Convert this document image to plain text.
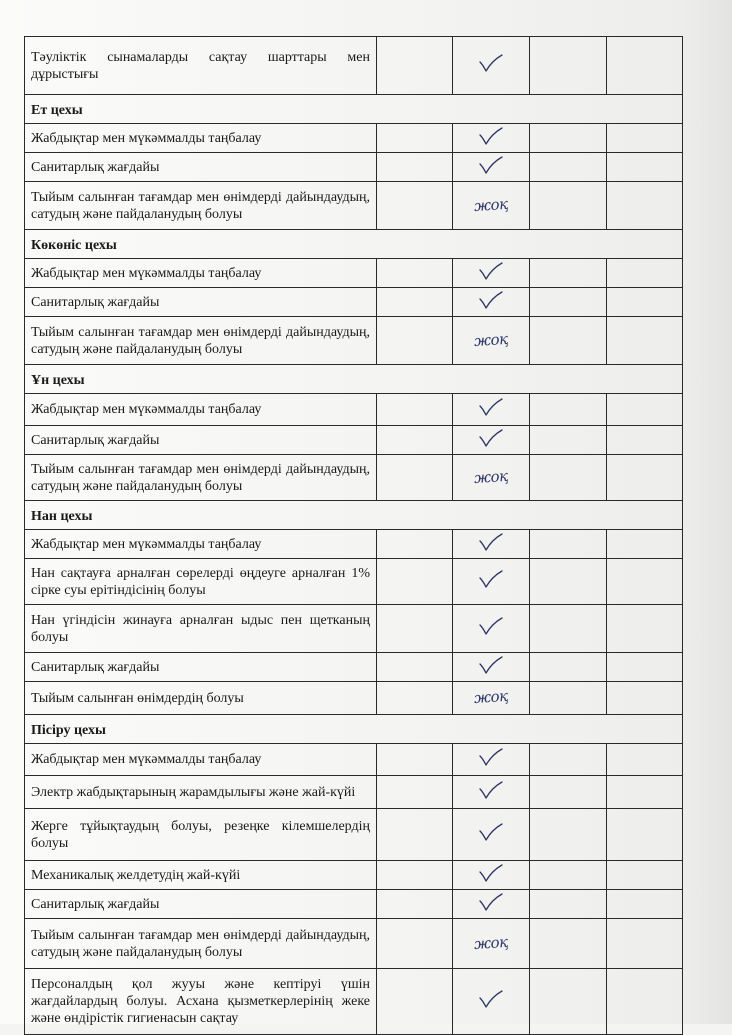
Тәуліктік сынамаларды сақтау шарттары мен дұрыстығы				
Ет цехы				
Жабдықтар мен мүкәммалды таңбалау				
Санитарлық жағдайы				
Тыйым салынған тағамдар мен өнімдерді дайындаудың, сатудың және пайдаланудың болуы		жоқ		
Көкөніс цехы				
Жабдықтар мен мүкәммалды таңбалау				
Санитарлық жағдайы				
Тыйым салынған тағамдар мен өнімдерді дайындаудың, сатудың және пайдаланудың болуы		жоқ		
Ұн цехы				
Жабдықтар мен мүкәммалды таңбалау				
Санитарлық жағдайы				
Тыйым салынған тағамдар мен өнімдерді дайындаудың, сатудың және пайдаланудың болуы		жоқ		
Нан цехы				
Жабдықтар мен мүкәммалды таңбалау				
Нан сақтауға арналған сөрелерді өңдеуге арналған 1% сірке суы ерітіндісінің болуы				
Нан үгіндісін жинауға арналған ыдыс пен щетканың болуы				
Санитарлық жағдайы				
Тыйым салынған өнімдердің болуы		жоқ		
Пісіру цехы				
Жабдықтар мен мүкәммалды таңбалау				
Электр жабдықтарының жарамдылығы және жай-күйі				
Жерге тұйықтаудың болуы, резеңке кілемшелердің болуы				
Механикалық желдетудің жай-күйі				
Санитарлық жағдайы				
Тыйым салынған тағамдар мен өнімдерді дайындаудың, сатудың және пайдаланудың болуы		жоқ		
Персоналдың қол жууы және кептіруі үшін жағдайлардың болуы. Асхана қызметкерлерінің жеке және өндірістік гигиенасын сақтау				
